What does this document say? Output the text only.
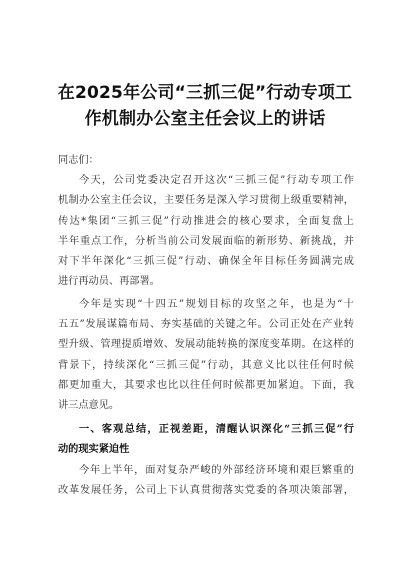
在2025年公司“三抓三促”行动专项工
作机制办公室主任会议上的讲话

同志们：

今天，公司党委决定召开这次“三抓三促”行动专项工作
机制办公室主任会议，主要任务是深入学习贯彻上级重要精神，
传达*集团“三抓三促”行动推进会的核心要求，全面复盘上
半年重点工作，分析当前公司发展面临的新形势、新挑战，并
对下半年深化“三抓三促”行动、确保全年目标任务圆满完成
进行再动员、再部署。
今年是实现“十四五”规划目标的攻坚之年，也是为“十
五五”发展谋篇布局、夯实基础的关键之年。公司正处在产业转
型升级、管理提质增效、发展动能转换的深度变革期。在这样的
背景下，持续深化“三抓三促”行动，其意义比以往任何时候
都更加重大，其要求也比以往任何时候都更加紧迫。下面，我
讲三点意见。
一、客观总结，正视差距，清醒认识深化“三抓三促”行
动的现实紧迫性
今年上半年，面对复杂严峻的外部经济环境和艰巨繁重的
改革发展任务，公司上下认真贯彻落实党委的各项决策部署，
